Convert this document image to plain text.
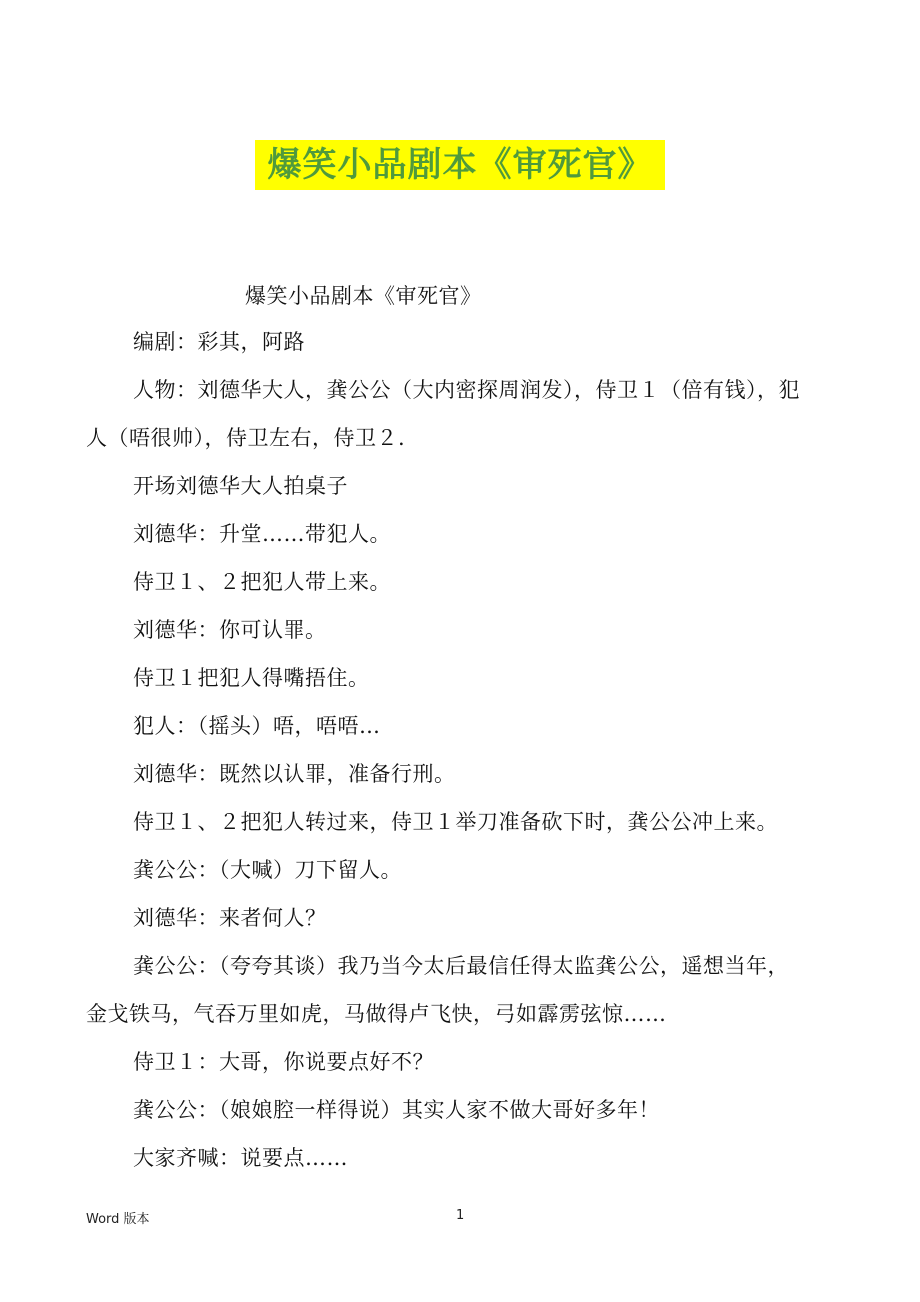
爆笑小品剧本《审死官》
爆笑小品剧本《审死官》
编剧：彩其，阿路
人物：刘德华大人，龚公公（大内密探周润发），侍卫１（倍有钱），犯
人（唔很帅），侍卫左右，侍卫２.
开场刘德华大人拍桌子
刘德华：升堂……带犯人。
侍卫１、２把犯人带上来。
刘德华：你可认罪。
侍卫１把犯人得嘴捂住。
犯人：（摇头）唔，唔唔…
刘德华：既然以认罪，准备行刑。
侍卫１、２把犯人转过来，侍卫１举刀准备砍下时，龚公公冲上来。
龚公公：（大喊）刀下留人。
刘德华：来者何人？
龚公公：（夸夸其谈）我乃当今太后最信任得太监龚公公，遥想当年，
金戈铁马，气吞万里如虎，马做得卢飞快，弓如霹雳弦惊……
侍卫１：大哥，你说要点好不？
龚公公：（娘娘腔一样得说）其实人家不做大哥好多年！
大家齐喊：说要点……
Word 版本	1
